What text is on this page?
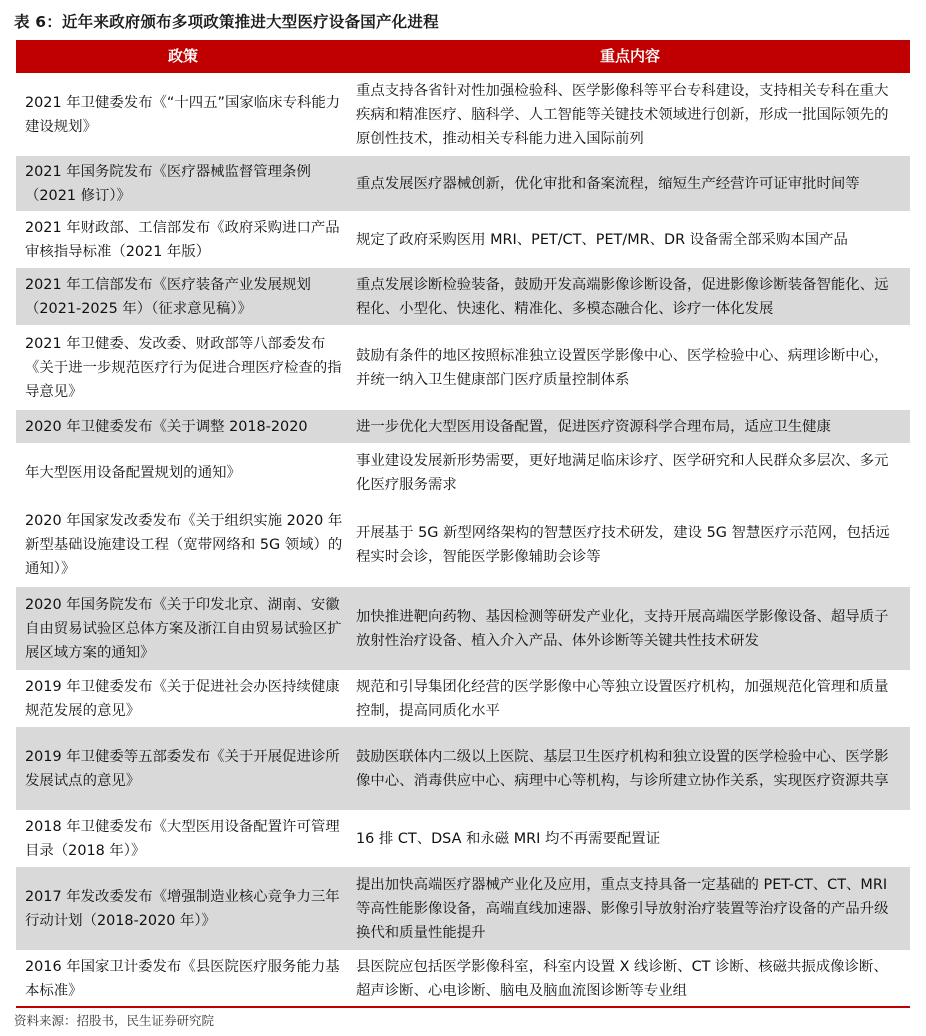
表 6：近年来政府颁布多项政策推进大型医疗设备国产化进程
政策	重点内容
2021 年卫健委发布《“十四五”国家临床专科能力建设规划》
重点支持各省针对性加强检验科、医学影像科等平台专科建设，支持相关专科在重大疾病和精准医疗、脑科学、人工智能等关键技术领域进行创新，形成一批国际领先的原创性技术，推动相关专科能力进入国际前列
2021 年国务院发布《医疗器械监督管理条例（2021 修订）》
重点发展医疗器械创新，优化审批和备案流程，缩短生产经营许可证审批时间等
2021 年财政部、工信部发布《政府采购进口产品审核指导标准（2021 年版）
规定了政府采购医用 MRI、PET/CT、PET/MR、DR 设备需全部采购本国产品
2021 年工信部发布《医疗装备产业发展规划（2021-2025 年）（征求意见稿）》
重点发展诊断检验装备，鼓励开发高端影像诊断设备，促进影像诊断装备智能化、远程化、小型化、快速化、精准化、多模态融合化、诊疗一体化发展
2021 年卫健委、发改委、财政部等八部委发布《关于进一步规范医疗行为促进合理医疗检查的指导意见》
鼓励有条件的地区按照标准独立设置医学影像中心、医学检验中心、病理诊断中心，并统一纳入卫生健康部门医疗质量控制体系
2020 年卫健委发布《关于调整 2018-2020	进一步优化大型医用设备配置，促进医疗资源科学合理布局，适应卫生健康
年大型医用设备配置规划的通知》
事业建设发展新形势需要，更好地满足临床诊疗、医学研究和人民群众多层次、多元化医疗服务需求
2020 年国家发改委发布《关于组织实施 2020 年新型基础设施建设工程（宽带网络和 5G 领域）的通知）》
开展基于 5G 新型网络架构的智慧医疗技术研发，建设 5G 智慧医疗示范网，包括远程实时会诊，智能医学影像辅助会诊等
2020 年国务院发布《关于印发北京、湖南、安徽自由贸易试验区总体方案及浙江自由贸易试验区扩展区域方案的通知》
加快推进靶向药物、基因检测等研发产业化，支持开展高端医学影像设备、超导质子放射性治疗设备、植入介入产品、体外诊断等关键共性技术研发
2019 年卫健委发布《关于促进社会办医持续健康规范发展的意见》
规范和引导集团化经营的医学影像中心等独立设置医疗机构，加强规范化管理和质量控制，提高同质化水平
2019 年卫健委等五部委发布《关于开展促进诊所发展试点的意见》
鼓励医联体内二级以上医院、基层卫生医疗机构和独立设置的医学检验中心、医学影像中心、消毒供应中心、病理中心等机构，与诊所建立协作关系，实现医疗资源共享
2018 年卫健委发布《大型医用设备配置许可管理目录（2018 年）》
16 排 CT、DSA 和永磁 MRI 均不再需要配置证
2017 年发改委发布《增强制造业核心竞争力三年行动计划（2018-2020 年）》
提出加快高端医疗器械产业化及应用，重点支持具备一定基础的 PET-CT、CT、MRI 等高性能影像设备，高端直线加速器、影像引导放射治疗装置等治疗设备的产品升级换代和质量性能提升
2016 年国家卫计委发布《县医院医疗服务能力基本标准》
县医院应包括医学影像科室，科室内设置 X 线诊断、CT 诊断、核磁共振成像诊断、超声诊断、心电诊断、脑电及脑血流图诊断等专业组
资料来源：招股书，民生证券研究院
